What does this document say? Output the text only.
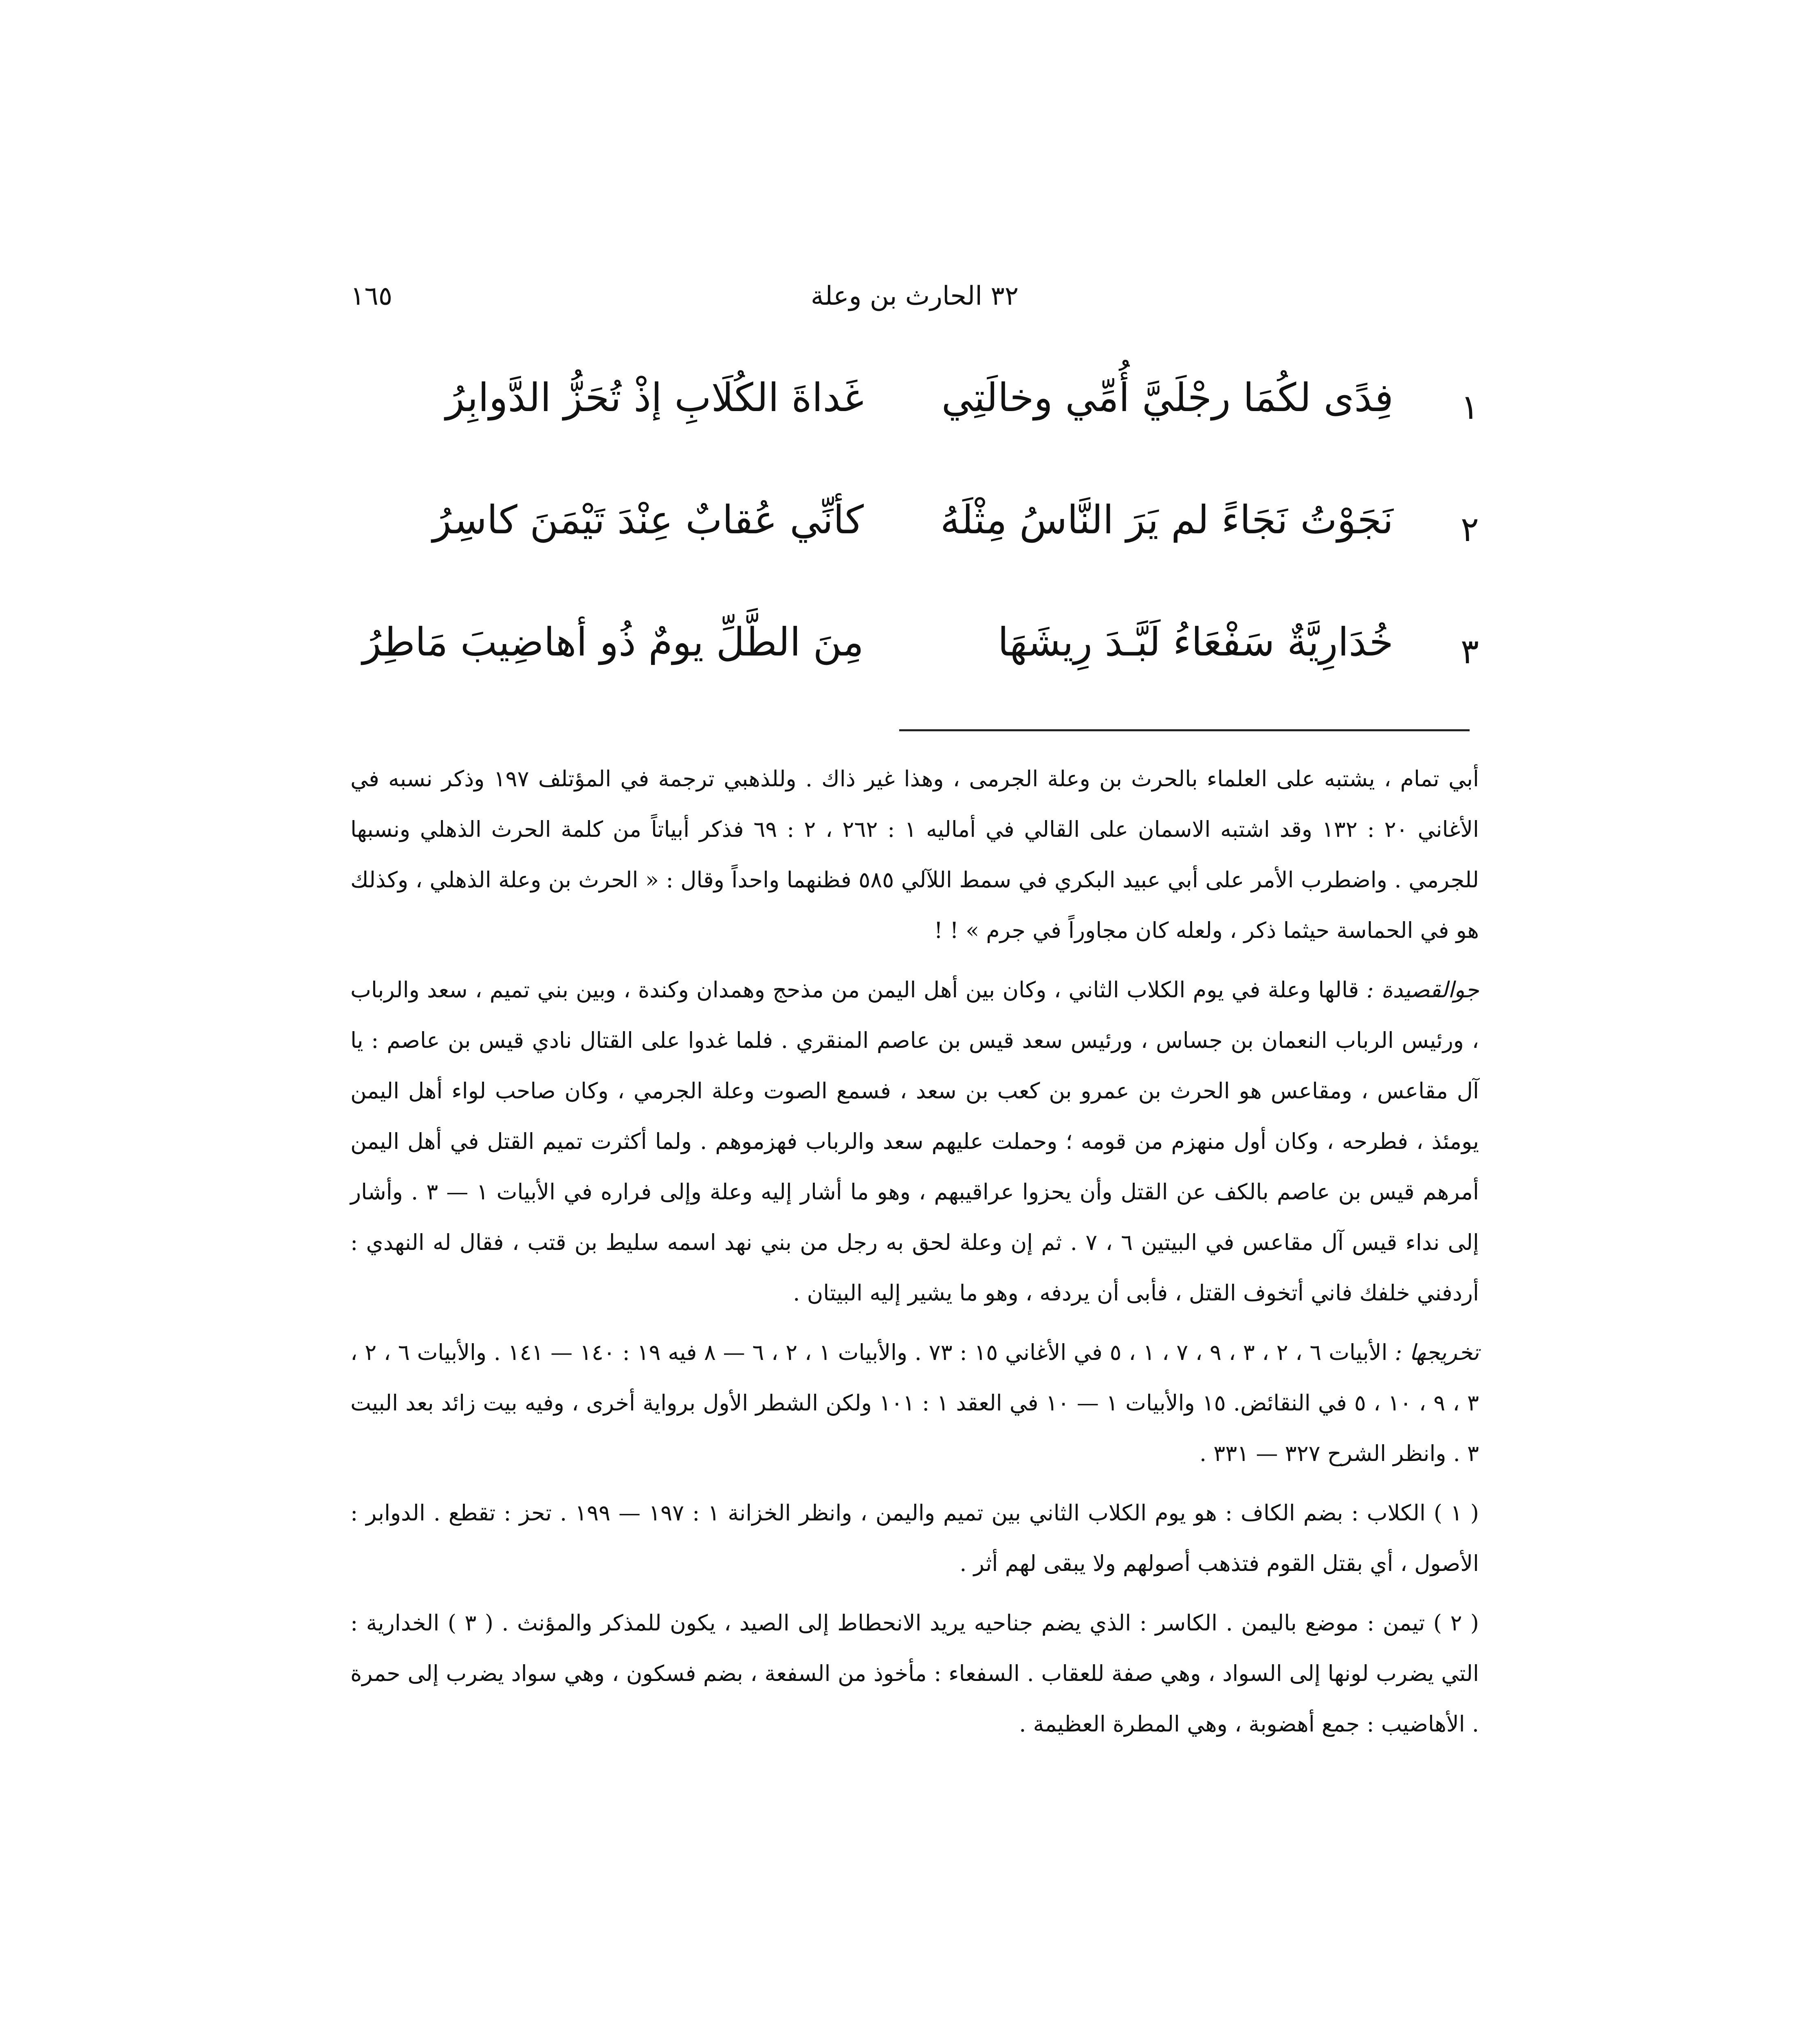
١٦٥	٣٢ الحارث بن وعلة
١
فِدًى لكُمَا رجْلَيَّ أُمِّي وخالَتِي
غَداةَ الكُلَابِ إذْ تُحَزُّ الدَّوابِرُ
٢
نَجَوْتُ نَجَاءً لم يَرَ النَّاسُ مِثْلَهُ
كأنِّي عُقابٌ عِنْدَ تَيْمَنَ كاسِرُ
٣
خُدَارِيَّةٌ سَفْعَاءُ لَبَّـدَ رِيشَهَا
مِنَ الطَّلِّ يومٌ ذُو أهاضِيبَ مَاطِرُ

أبي تمام ، يشتبه على العلماء بالحرث بن وعلة الجرمى ، وهذا غير ذاك . وللذهبي ترجمة في المؤتلف ١٩٧ وذكر نسبه في الأغاني ٢٠ : ١٣٢ وقد اشتبه الاسمان على القالي في أماليه ١ : ٢٦٢ ، ٢ : ٦٩ فذكر أبياتاً من كلمة الحرث الذهلي ونسبها للجرمي . واضطرب الأمر على أبي عبيد البكري في سمط اللآلي ٥٨٥ فظنهما واحداً وقال : « الحرث بن وعلة الذهلي ، وكذلك هو في الحماسة حيثما ذكر ، ولعله كان مجاوراً في جرم » ! !

جوالقصيدة : قالها وعلة في يوم الكلاب الثاني ، وكان بين أهل اليمن من مذحج وهمدان وكندة ، وبين بني تميم ، سعد والرباب ، ورئيس الرباب النعمان بن جساس ، ورئيس سعد قيس بن عاصم المنقري . فلما غدوا على القتال نادي قيس بن عاصم : يا آل مقاعس ، ومقاعس هو الحرث بن عمرو بن كعب بن سعد ، فسمع الصوت وعلة الجرمي ، وكان صاحب لواء أهل اليمن يومئذ ، فطرحه ، وكان أول منهزم من قومه ؛ وحملت عليهم سعد والرباب فهزموهم . ولما أكثرت تميم القتل في أهل اليمن أمرهم قيس بن عاصم بالكف عن القتل وأن يحزوا عراقيبهم ، وهو ما أشار إليه وعلة وإلى فراره في الأبيات ١ — ٣ . وأشار إلى نداء قيس آل مقاعس في البيتين ٦ ، ٧ . ثم إن وعلة لحق به رجل من بني نهد اسمه سليط بن قتب ، فقال له النهدي : أردفني خلفك فاني أتخوف القتل ، فأبى أن يردفه ، وهو ما يشير إليه البيتان .

تخريجها : الأبيات ٦ ، ٢ ، ٣ ، ٩ ، ٧ ، ١ ، ٥ في الأغاني ١٥ : ٧٣ . والأبيات ١ ، ٢ ، ٦ — ٨ فيه ١٩ : ١٤٠ — ١٤١ . والأبيات ٦ ، ٢ ، ٣ ، ٩ ، ١٠ ، ٥ في النقائض. ١٥ والأبيات ١ — ١٠ في العقد ١ : ١٠١ ولكن الشطر الأول برواية أخرى ، وفيه بيت زائد بعد البيت ٣ . وانظر الشرح ٣٢٧ — ٣٣١ .

( ١ ) الكلاب : بضم الكاف : هو يوم الكلاب الثاني بين تميم واليمن ، وانظر الخزانة ١ : ١٩٧ — ١٩٩ . تحز : تقطع . الدوابر : الأصول ، أي بقتل القوم فتذهب أصولهم ولا يبقى لهم أثر .

( ٢ ) تيمن : موضع باليمن . الكاسر : الذي يضم جناحيه يريد الانحطاط إلى الصيد ، يكون للمذكر والمؤنث . ( ٣ ) الخدارية : التي يضرب لونها إلى السواد ، وهي صفة للعقاب . السفعاء : مأخوذ من السفعة ، بضم فسكون ، وهي سواد يضرب إلى حمرة . الأهاضيب : جمع أهضوبة ، وهي المطرة العظيمة .
